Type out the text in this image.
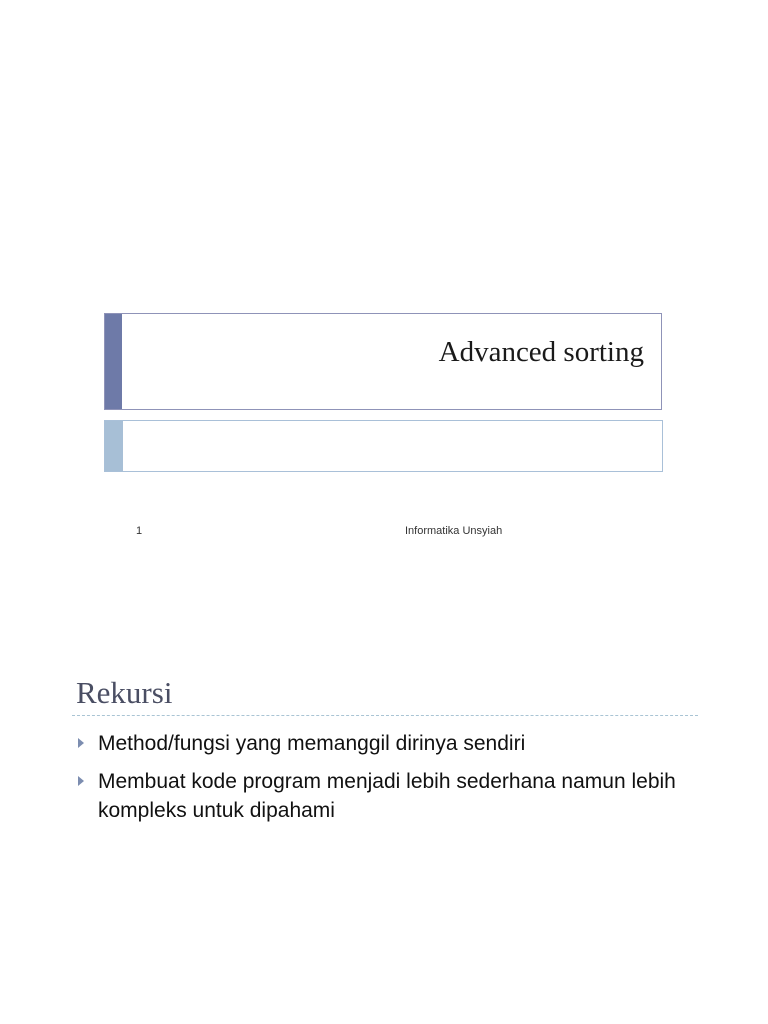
Advanced sorting
1	Informatika Unsyiah
Rekursi
Method/fungsi yang memanggil dirinya sendiri
Membuat kode program menjadi lebih sederhana namun lebih kompleks untuk dipahami
